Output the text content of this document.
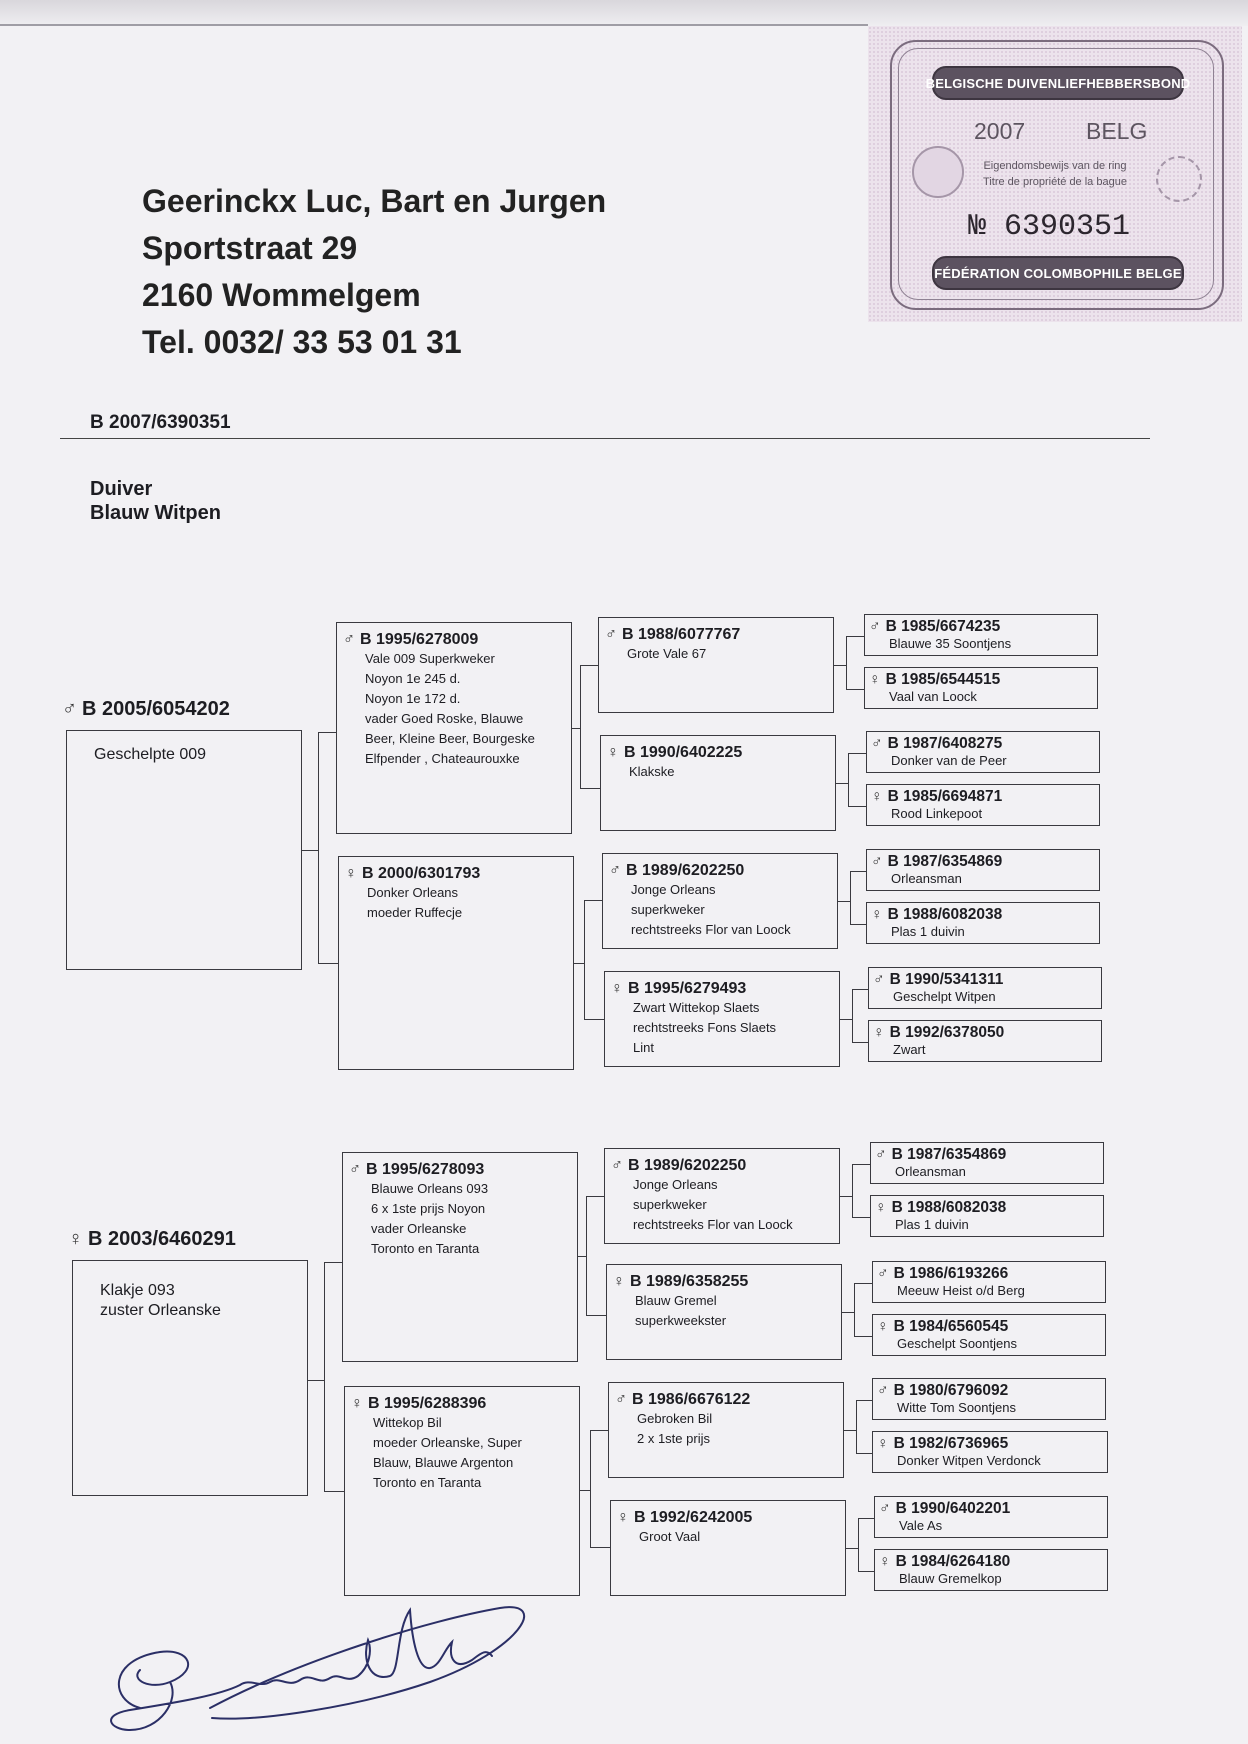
Geerinckx Luc, Bart en Jurgen
Sportstraat 29
2160 Wommelgem
Tel. 0032/ 33 53 01 31
BELGISCHE DUIVENLIEFHEBBERSBOND
2007	BELG
Eigendomsbewijs van de ring
Titre de propriété de la bague
№ 6390351
FÉDÉRATION COLOMBOPHILE BELGE
B 2007/6390351
Duiver
Blauw Witpen
♂ B 2005/6054202
Geschelpte 009
♂ B 1995/6278009
Vale 009 Superkweker
Noyon 1e 245 d.
Noyon 1e 172 d.
vader Goed Roske, Blauwe
Beer, Kleine Beer, Bourgeske
Elfpender , Chateaurouxke
♀ B 2000/6301793
Donker Orleans
moeder Ruffecje
♂ B 1988/6077767
Grote Vale 67
♀ B 1990/6402225
Klakske
♂ B 1989/6202250
Jonge Orleans
superkweker
rechtstreeks Flor van Loock
♀ B 1995/6279493
Zwart Wittekop Slaets
rechtstreeks Fons Slaets
Lint
♂ B 1985/6674235
Blauwe 35 Soontjens
♀ B 1985/6544515
Vaal van Loock
♂ B 1987/6408275
Donker van de Peer
♀ B 1985/6694871
Rood Linkepoot
♂ B 1987/6354869
Orleansman
♀ B 1988/6082038
Plas 1 duivin
♂ B 1990/5341311
Geschelpt Witpen
♀ B 1992/6378050
Zwart
♀ B 2003/6460291
Klakje 093
zuster Orleanske
♂ B 1995/6278093
Blauwe Orleans 093
6 x 1ste prijs Noyon
vader Orleanske
Toronto en Taranta
♀ B 1995/6288396
Wittekop Bil
moeder Orleanske, Super
Blauw, Blauwe Argenton
Toronto en Taranta
♂ B 1989/6202250
Jonge Orleans
superkweker
rechtstreeks Flor van Loock
♀ B 1989/6358255
Blauw Gremel
superkweekster
♂ B 1986/6676122
Gebroken Bil
2 x 1ste prijs
♀ B 1992/6242005
Groot Vaal
♂ B 1987/6354869
Orleansman
♀ B 1988/6082038
Plas 1 duivin
♂ B 1986/6193266
Meeuw Heist o/d Berg
♀ B 1984/6560545
Geschelpt Soontjens
♂ B 1980/6796092
Witte Tom Soontjens
♀ B 1982/6736965
Donker Witpen Verdonck
♂ B 1990/6402201
Vale As
♀ B 1984/6264180
Blauw Gremelkop
